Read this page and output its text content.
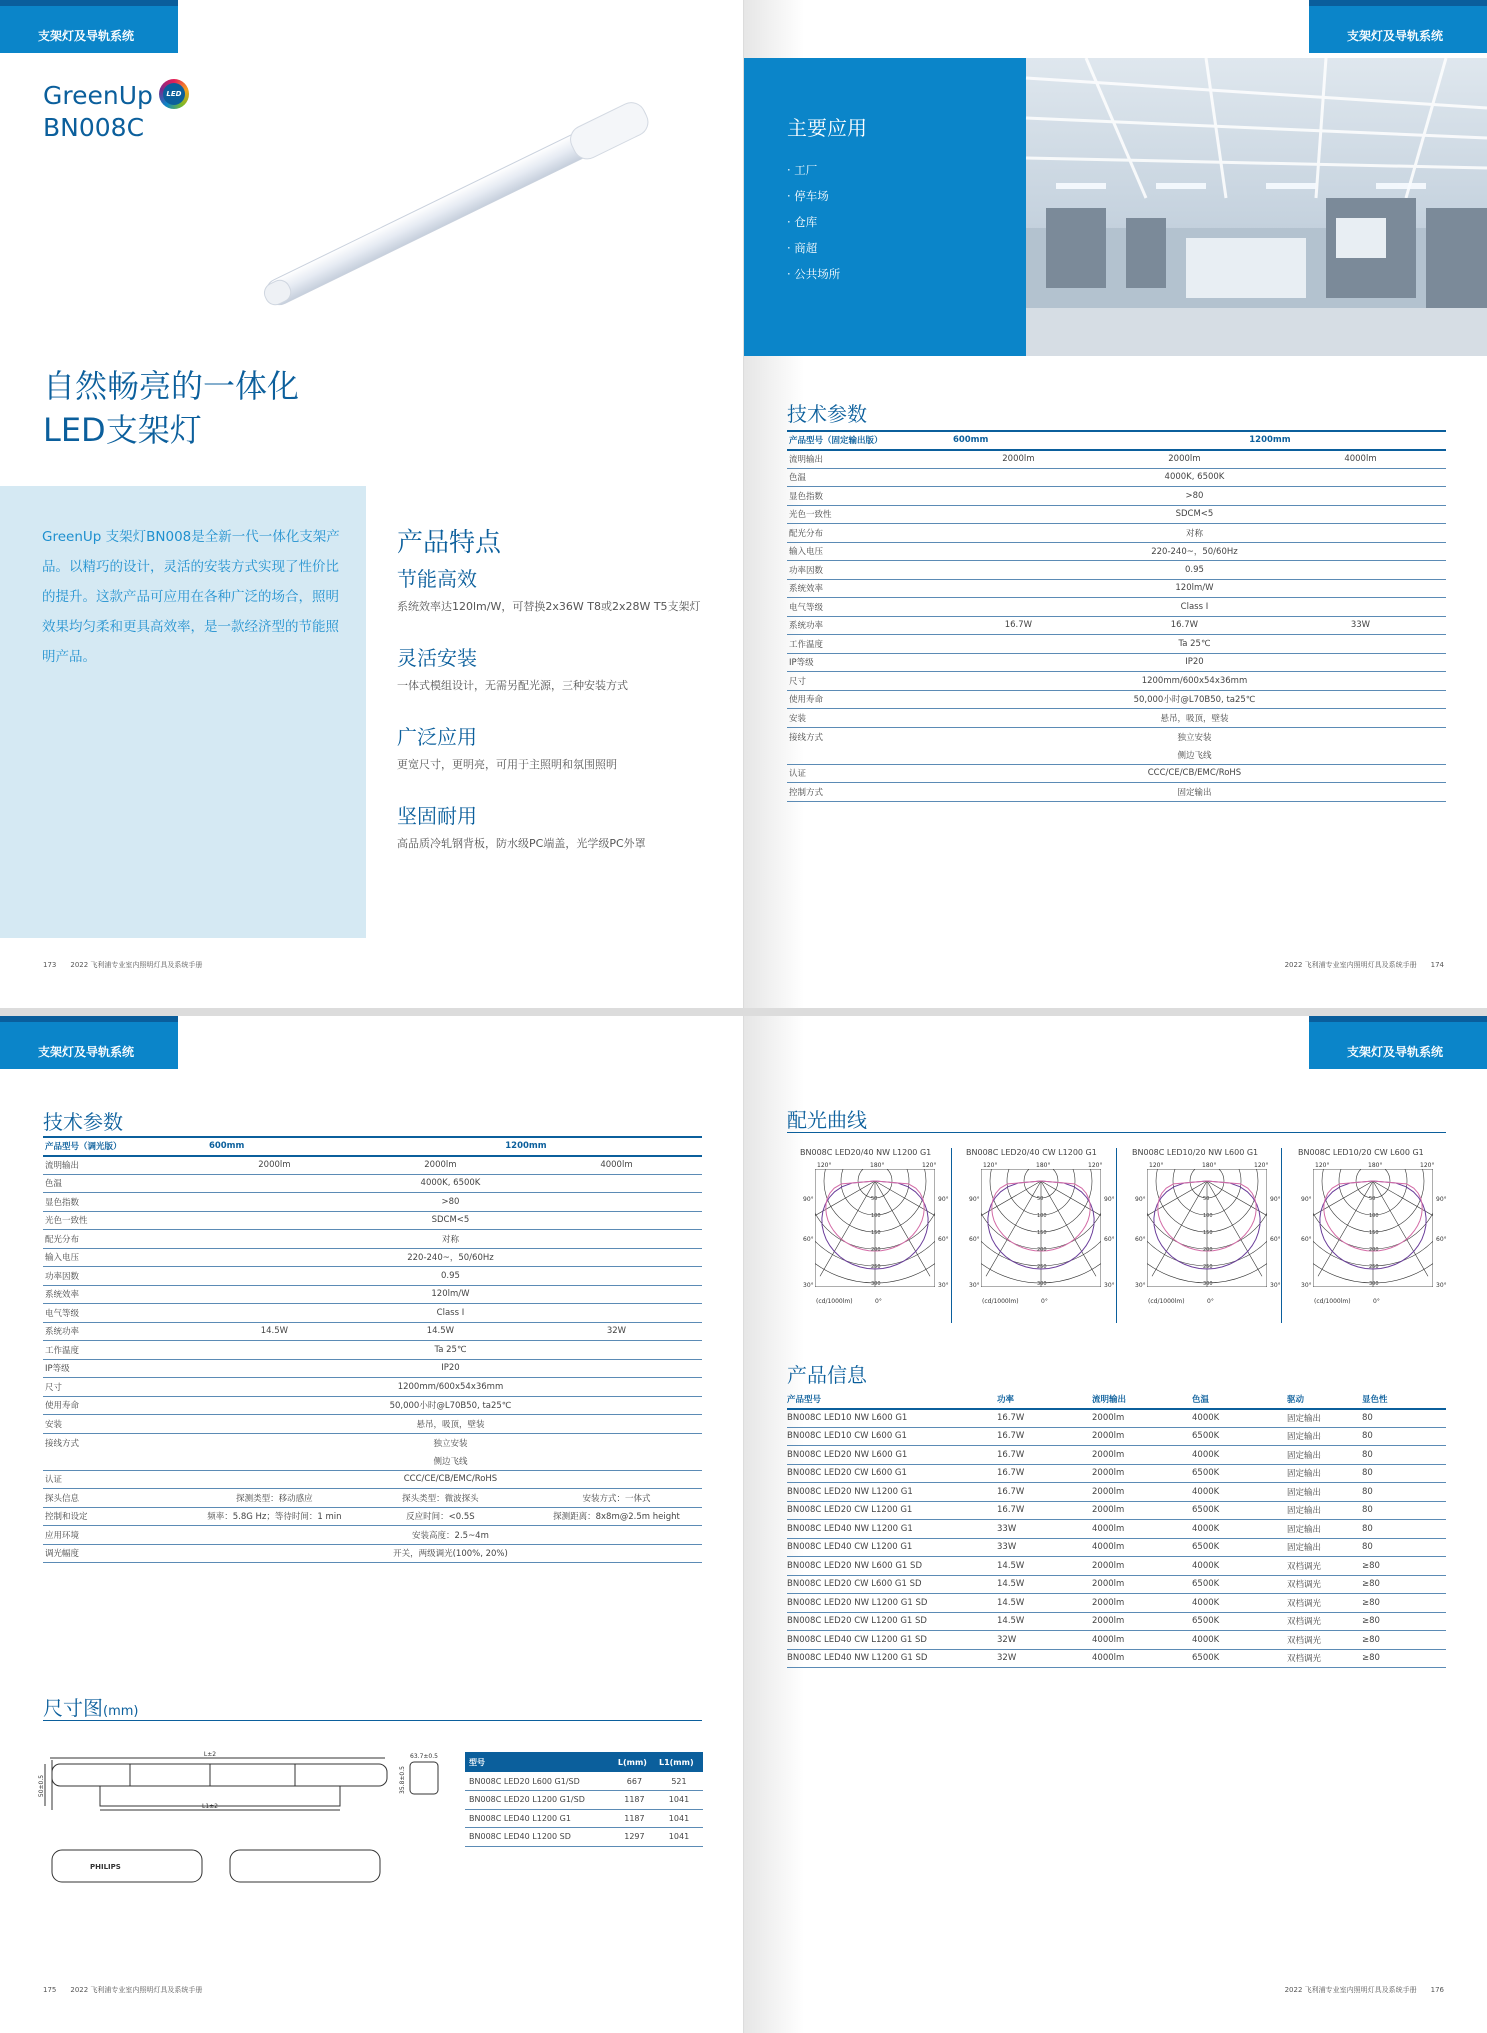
支架灯及导轨系统
GreenUp	LED
BN008C
自然畅亮的一体化
LED支架灯
GreenUp 支架灯BN008是全新一代一体化支架产品。以精巧的设计，灵活的安装方式实现了性价比的提升。这款产品可应用在各种广泛的场合，照明效果均匀柔和更具高效率，是一款经济型的节能照明产品。
产品特点
节能高效
系统效率达120lm/W，可替换2x36W T8或2x28W T5支架灯
灵活安装
一体式模组设计，无需另配光源，三种安装方式
广泛应用
更宽尺寸，更明亮，可用于主照明和氛围照明
坚固耐用
高品质冷轧钢背板，防水级PC端盖，光学级PC外罩
173 2022 飞利浦专业室内照明灯具及系统手册
支架灯及导轨系统
主要应用
· 工厂
· 停车场
· 仓库
· 商超
· 公共场所
技术参数
产品型号（固定输出版）	600mm	1200mm	
流明输出	2000lm	2000lm	4000lm
色温	4000K, 6500K		
显色指数	>80		
光色一致性	SDCM<5		
配光分布	对称		
输入电压	220-240~，50/60Hz		
功率因数	0.95		
系统效率	120lm/W		
电气等级	Class I		
系统功率	16.7W	16.7W	33W
工作温度	Ta 25℃		
IP等级	IP20		
尺寸	1200mm/600x54x36mm		
使用寿命	50,000小时@L70B50, ta25℃		
安装	悬吊，吸顶，壁装		
接线方式	独立安装		
	侧边飞线		
认证	CCC/CE/CB/EMC/RoHS		
控制方式	固定输出		
2022 飞利浦专业室内照明灯具及系统手册 174
支架灯及导轨系统
技术参数
产品型号（调光版）	600mm	1200mm	
流明输出	2000lm	2000lm	4000lm
色温	4000K, 6500K		
显色指数	>80		
光色一致性	SDCM<5		
配光分布	对称		
输入电压	220-240~，50/60Hz		
功率因数	0.95		
系统效率	120lm/W		
电气等级	Class I		
系统功率	14.5W	14.5W	32W
工作温度	Ta 25℃		
IP等级	IP20		
尺寸	1200mm/600x54x36mm		
使用寿命	50,000小时@L70B50, ta25℃		
安装	悬吊，吸顶，壁装		
接线方式	独立安装		
	侧边飞线		
认证	CCC/CE/CB/EMC/RoHS		
探头信息	探测类型：移动感应	探头类型：微波探头	安装方式：一体式
控制和设定	频率：5.8G Hz；等待时间：1 min	反应时间：<0.5S	探测距离：8x8m@2.5m height
应用环境	安装高度：2.5~4m		
调光幅度	开关，两级调光(100%, 20%)		
尺寸图(mm)
175 2022 飞利浦专业室内照明灯具及系统手册
L±2
L1±2
63.7±0.5
35.8±0.5
50±0.5
PHILIPS
型号	L(mm)	L1(mm)
BN008C LED20 L600 G1/SD	667	521
BN008C LED20 L1200 G1/SD	1187	1041
BN008C LED40 L1200 G1	1187	1041
BN008C LED40 L1200 SD	1297	1041
支架灯及导轨系统
配光曲线
产品信息
2022 飞利浦专业室内照明灯具及系统手册 176
BN008C LED20/40 NW L1200 G1
120°	180°	120°
90°	90°
60°	60°
30°	30°
0°
50
100
150
200
250
300
(cd/1000lm)
BN008C LED20/40 CW L1200 G1
120°	180°	120°
90°	90°
60°	60°
30°	30°
0°
50
100
150
200
250
300
(cd/1000lm)
BN008C LED10/20 NW L600 G1
120°	180°	120°
90°	90°
60°	60°
30°	30°
0°
50
100
150
200
250
300
(cd/1000lm)
BN008C LED10/20 CW L600 G1
120°	180°	120°
90°	90°
60°	60°
30°	30°
0°
50
100
150
200
250
300
(cd/1000lm)
产品型号	功率	流明输出	色温	驱动	显色性
BN008C LED10 NW L600 G1	16.7W	2000lm	4000K	固定输出	80
BN008C LED10 CW L600 G1	16.7W	2000lm	6500K	固定输出	80
BN008C LED20 NW L600 G1	16.7W	2000lm	4000K	固定输出	80
BN008C LED20 CW L600 G1	16.7W	2000lm	6500K	固定输出	80
BN008C LED20 NW L1200 G1	16.7W	2000lm	4000K	固定输出	80
BN008C LED20 CW L1200 G1	16.7W	2000lm	6500K	固定输出	80
BN008C LED40 NW L1200 G1	33W	4000lm	4000K	固定输出	80
BN008C LED40 CW L1200 G1	33W	4000lm	6500K	固定输出	80
BN008C LED20 NW L600 G1 SD	14.5W	2000lm	4000K	双档调光	≥80
BN008C LED20 CW L600 G1 SD	14.5W	2000lm	6500K	双档调光	≥80
BN008C LED20 NW L1200 G1 SD	14.5W	2000lm	4000K	双档调光	≥80
BN008C LED20 CW L1200 G1 SD	14.5W	2000lm	6500K	双档调光	≥80
BN008C LED40 CW L1200 G1 SD	32W	4000lm	4000K	双档调光	≥80
BN008C LED40 NW L1200 G1 SD	32W	4000lm	6500K	双档调光	≥80
